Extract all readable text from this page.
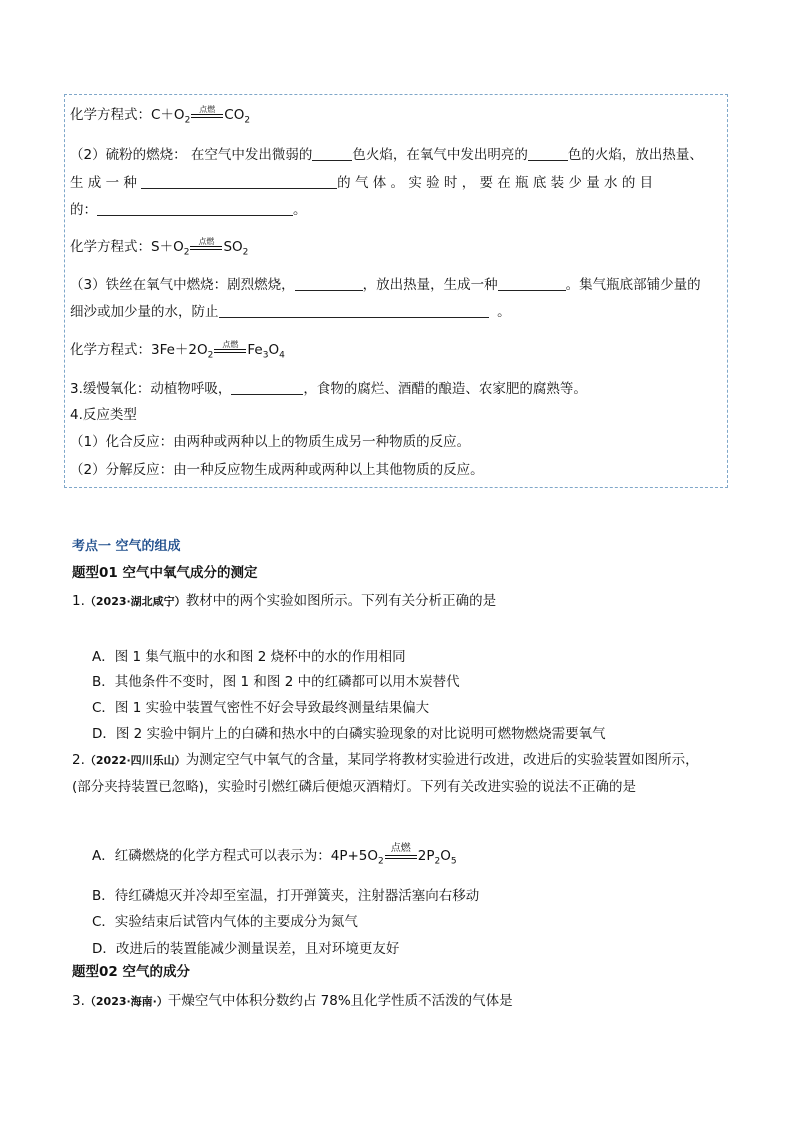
化学方程式：$C+O_2$
点燃 $CO_2$
（2）硫粉的燃烧： 在空气中发出微弱的	色火焰，在氧气中发出明亮的	色的火焰，放出热量、
生 成 一 种	的 气 体 。 实 验 时 ， 要 在 瓶 底 装 少 量 水 的 目
的：	。
化学方程式：$S+O_2$
点燃 $SO_2$
（3）铁丝在氧气中燃烧：剧烈燃烧，	，放出热量，生成一种	。集气瓶底部铺少量的
细沙或加少量的水，防止	。
化学方程式：$3Fe+2O_2$
点燃 $Fe_3O_4$
3.缓慢氧化：动植物呼吸，	，食物的腐烂、酒醋的酿造、农家肥的腐熟等。
4.反应类型
（1）化合反应：由两种或两种以上的物质生成另一种物质的反应。
（2）分解反应：由一种反应物生成两种或两种以上其他物质的反应。
考点一 空气的组成
题型01 空气中氧气成分的测定
1.（2023·湖北咸宁）教材中的两个实验如图所示。下列有关分析正确的是
A．图 1 集气瓶中的水和图 2 烧杯中的水的作用相同
B．其他条件不变时，图 1 和图 2 中的红磷都可以用木炭替代
C．图 1 实验中装置气密性不好会导致最终测量结果偏大
D．图 2 实验中铜片上的白磷和热水中的白磷实验现象的对比说明可燃物燃烧需要氧气
2.（2022·四川乐山）为测定空气中氧气的含量，某同学将教材实验进行改进，改进后的实验装置如图所示，
(部分夹持装置已忽略)，实验时引燃红磷后便熄灭酒精灯。下列有关改进实验的说法不正确的是
A．红磷燃烧的化学方程式可以表示为：$4P+5O_2$
点燃 $2P_2O_5$
B．待红磷熄灭并冷却至室温，打开弹簧夹，注射器活塞向右移动
C．实验结束后试管内气体的主要成分为氮气
D．改进后的装置能减少测量误差，且对环境更友好
题型02 空气的成分
3.（2023·海南·）干燥空气中体积分数约占 78%且化学性质不活泼的气体是
